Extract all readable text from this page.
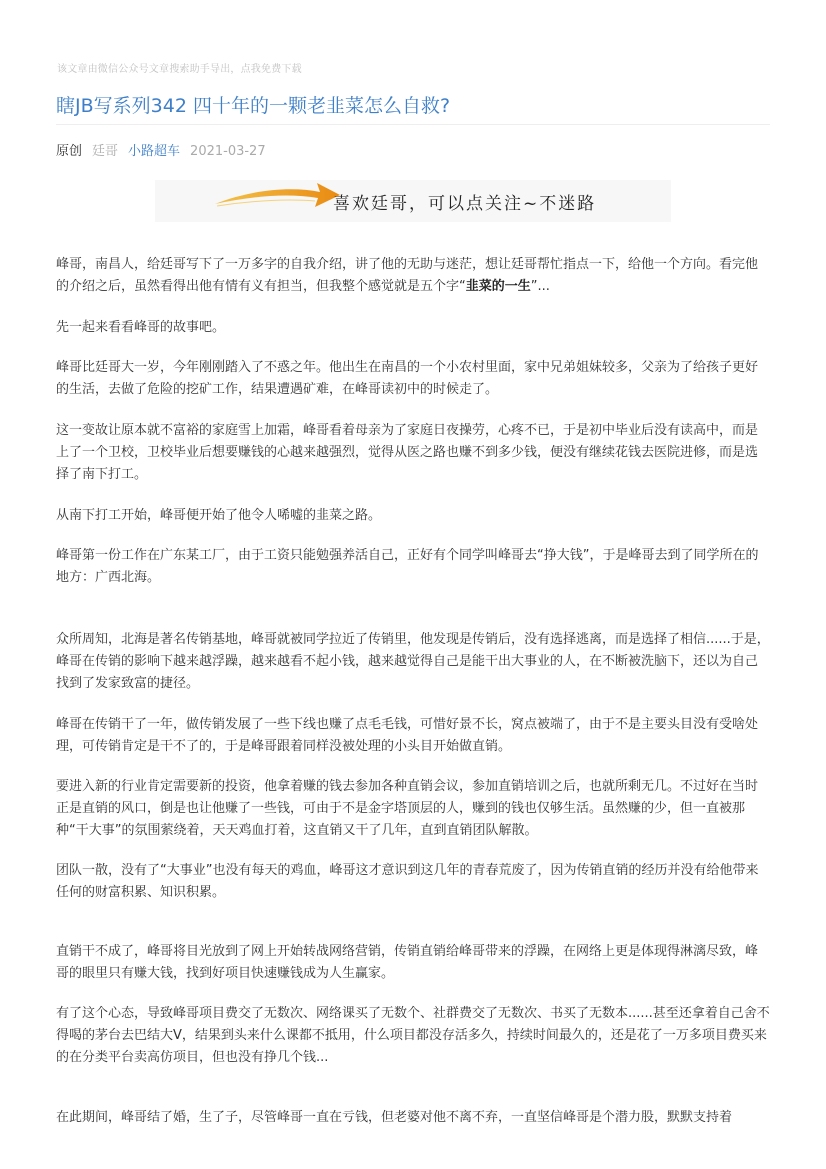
该文章由微信公众号文章搜索助手导出，点我免费下载
瞎JB写系列342 四十年的一颗老韭菜怎么自救?
原创 廷哥 小路超车 2021-03-27
喜欢廷哥，可以点关注~不迷路
峰哥，南昌人，给廷哥写下了一万多字的自我介绍，讲了他的无助与迷茫，想让廷哥帮忙指点一下，给他一个方向。看完他的介绍之后，虽然看得出他有情有义有担当，但我整个感觉就是五个字“韭菜的一生”...
先一起来看看峰哥的故事吧。
峰哥比廷哥大一岁，今年刚刚踏入了不惑之年。他出生在南昌的一个小农村里面，家中兄弟姐妹较多，父亲为了给孩子更好的生活，去做了危险的挖矿工作，结果遭遇矿难，在峰哥读初中的时候走了。
这一变故让原本就不富裕的家庭雪上加霜，峰哥看着母亲为了家庭日夜操劳，心疼不已，于是初中毕业后没有读高中，而是上了一个卫校，卫校毕业后想要赚钱的心越来越强烈，觉得从医之路也赚不到多少钱，便没有继续花钱去医院进修，而是选择了南下打工。
从南下打工开始，峰哥便开始了他令人唏嘘的韭菜之路。
峰哥第一份工作在广东某工厂，由于工资只能勉强养活自己，正好有个同学叫峰哥去“挣大钱”，于是峰哥去到了同学所在的地方：广西北海。
众所周知，北海是著名传销基地，峰哥就被同学拉近了传销里，他发现是传销后，没有选择逃离，而是选择了相信......于是，峰哥在传销的影响下越来越浮躁，越来越看不起小钱，越来越觉得自己是能干出大事业的人，在不断被洗脑下，还以为自己找到了发家致富的捷径。
峰哥在传销干了一年，做传销发展了一些下线也赚了点毛毛钱，可惜好景不长，窝点被端了，由于不是主要头目没有受啥处理，可传销肯定是干不了的，于是峰哥跟着同样没被处理的小头目开始做直销。
要进入新的行业肯定需要新的投资，他拿着赚的钱去参加各种直销会议，参加直销培训之后，也就所剩无几。不过好在当时正是直销的风口，倒是也让他赚了一些钱，可由于不是金字塔顶层的人，赚到的钱也仅够生活。虽然赚的少，但一直被那种“干大事”的氛围萦绕着，天天鸡血打着，这直销又干了几年，直到直销团队解散。
团队一散，没有了“大事业”也没有每天的鸡血，峰哥这才意识到这几年的青春荒废了，因为传销直销的经历并没有给他带来任何的财富积累、知识积累。
直销干不成了，峰哥将目光放到了网上开始转战网络营销，传销直销给峰哥带来的浮躁，在网络上更是体现得淋漓尽致，峰哥的眼里只有赚大钱，找到好项目快速赚钱成为人生赢家。
有了这个心态，导致峰哥项目费交了无数次、网络课买了无数个、社群费交了无数次、书买了无数本......甚至还拿着自己舍不得喝的茅台去巴结大V，结果到头来什么课都不抵用，什么项目都没存活多久，持续时间最久的，还是花了一万多项目费买来的在分类平台卖高仿项目，但也没有挣几个钱...
在此期间，峰哥结了婚，生了子，尽管峰哥一直在亏钱，但老婆对他不离不弃，一直坚信峰哥是个潜力股，默默支持着
